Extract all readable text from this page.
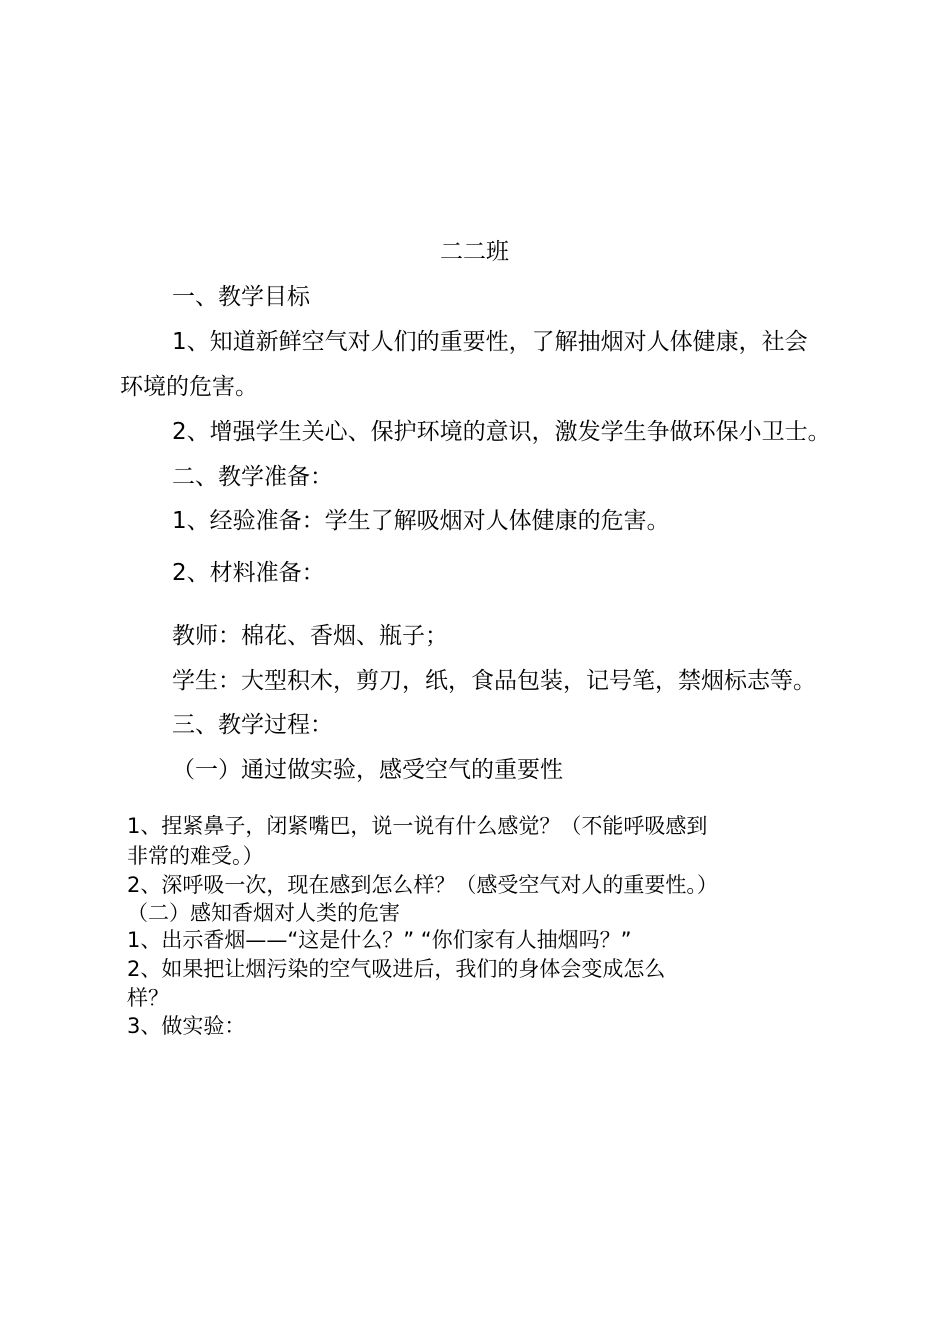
二二班
一、教学目标
1、知道新鲜空气对人们的重要性，了解抽烟对人体健康，社会
环境的危害。
2、增强学生关心、保护环境的意识，激发学生争做环保小卫士。
二、教学准备：
1、经验准备：学生了解吸烟对人体健康的危害。
2、材料准备：
教师：棉花、香烟、瓶子；
学生：大型积木，剪刀，纸，食品包装，记号笔，禁烟标志等。
三、教学过程：
（一）通过做实验，感受空气的重要性
1、捏紧鼻子，闭紧嘴巴，说一说有什么感觉？（不能呼吸感到
非常的难受。）
2、深呼吸一次，现在感到怎么样？（感受空气对人的重要性。）
（二）感知香烟对人类的危害
1、出示香烟——“这是什么？” “你们家有人抽烟吗？”
2、如果把让烟污染的空气吸进后，我们的身体会变成怎么
样？
3、做实验：
